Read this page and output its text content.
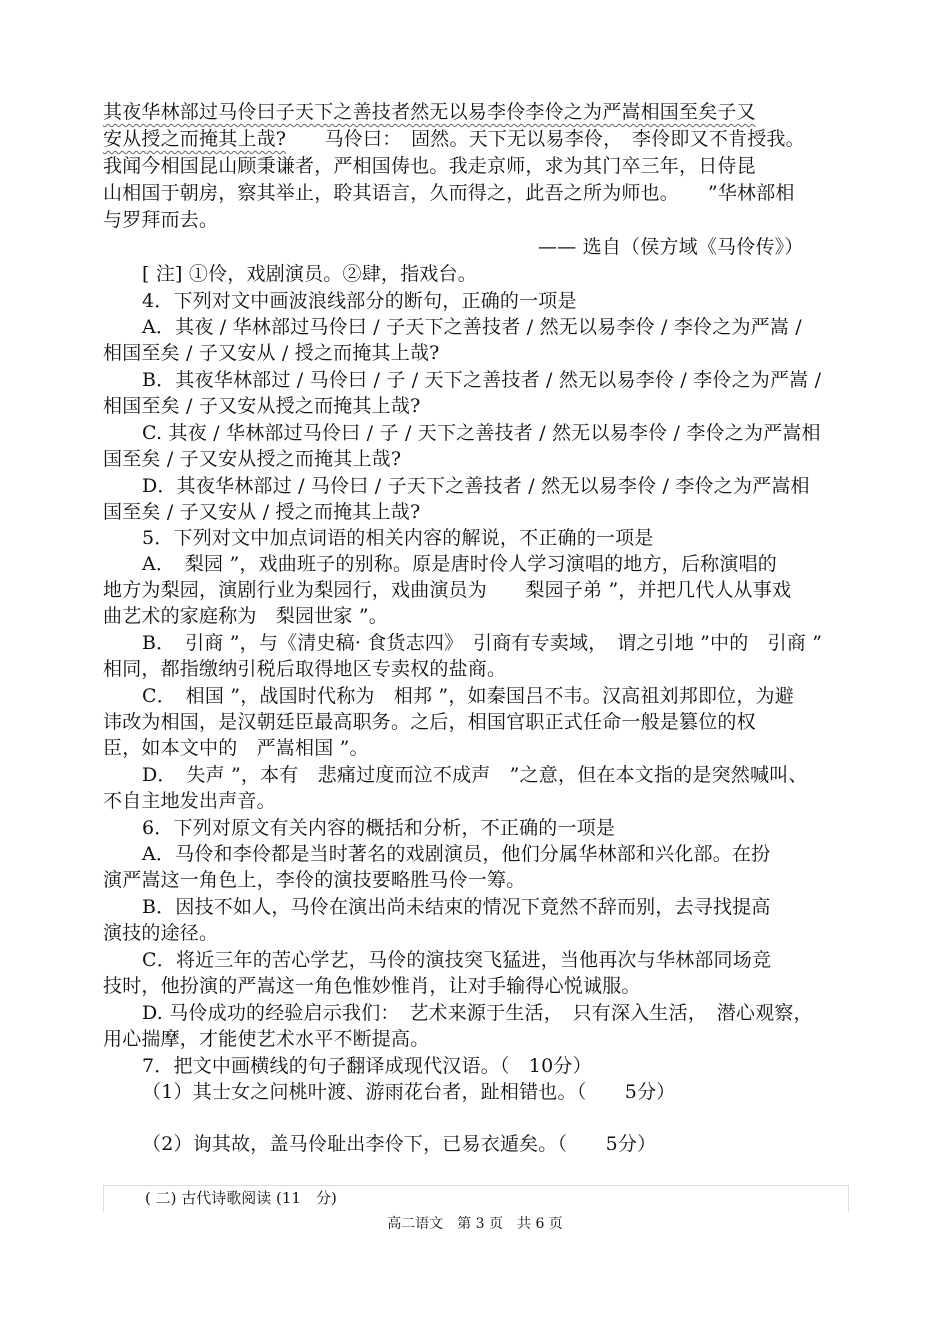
其夜华林部过马伶曰子天下之善技者然无以易李伶李伶之为严嵩相国至矣子又
安从授之而掩其上哉?　　马伶曰：　固然。天下无以易李伶，　李伶即又不肯授我。
我闻今相国昆山顾秉谦者，严相国俦也。我走京师，求为其门卒三年，日侍昆
山相国于朝房，察其举止，聆其语言，久而得之，此吾之所为师也。　　”华林部相
与罗拜而去。
—— 选自（侯方域《马伶传》）
[ 注] ①伶，戏剧演员。②肆，指戏台。
4．下列对文中画波浪线部分的断句，正确的一项是
A．其夜 / 华林部过马伶曰 / 子天下之善技者 / 然无以易李伶 / 李伶之为严嵩 /
相国至矣 / 子又安从 / 授之而掩其上哉?
B．其夜华林部过 / 马伶曰 / 子 / 天下之善技者 / 然无以易李伶 / 李伶之为严嵩 /
相国至矣 / 子又安从授之而掩其上哉?
C. 其夜 / 华林部过马伶曰 / 子 / 天下之善技者 / 然无以易李伶 / 李伶之为严嵩相
国至矣 / 子又安从授之而掩其上哉?
D．其夜华林部过 / 马伶曰 / 子天下之善技者 / 然无以易李伶 / 李伶之为严嵩相
国至矣 / 子又安从 / 授之而掩其上哉?
5．下列对文中加点词语的相关内容的解说，不正确的一项是
A．　梨园 ”，戏曲班子的别称。原是唐时伶人学习演唱的地方，后称演唱的
地方为梨园，演剧行业为梨园行，戏曲演员为　　梨园子弟 ”，并把几代人从事戏
曲艺术的家庭称为　梨园世家 ”。
B．　引商 ”，与《清史稿· 食货志四》　引商有专卖域，　谓之引地 ”中的　引商 ”
相同，都指缴纳引税后取得地区专卖权的盐商。
C．　相国 ”，战国时代称为　相邦 ”，如秦国吕不韦。汉高祖刘邦即位，为避
讳改为相国，是汉朝廷臣最高职务。之后，相国官职正式任命一般是篡位的权
臣，如本文中的　严嵩相国 ”。
D．　失声 ”，本有　悲痛过度而泣不成声　”之意，但在本文指的是突然喊叫、
不自主地发出声音。
6．下列对原文有关内容的概括和分析，不正确的一项是
A．马伶和李伶都是当时著名的戏剧演员，他们分属华林部和兴化部。在扮
演严嵩这一角色上，李伶的演技要略胜马伶一筹。
B．因技不如人，马伶在演出尚未结束的情况下竟然不辞而别，去寻找提高
演技的途径。
C．将近三年的苦心学艺，马伶的演技突飞猛进，当他再次与华林部同场竞
技时，他扮演的严嵩这一角色惟妙惟肖，让对手输得心悦诚服。
D. 马伶成功的经验启示我们：　艺术来源于生活，　只有深入生活，　潜心观察，
用心揣摩，才能使艺术水平不断提高。
7．把文中画横线的句子翻译成现代汉语。（　10分）
（1）其士女之问桃叶渡、游雨花台者，趾相错也。（　　5分）
（2）询其故，盖马伶耻出李伶下，已易衣遁矣。（　　5分）
( 二) 古代诗歌阅读 (11　分)
高二语文　第 3 页　共 6 页
